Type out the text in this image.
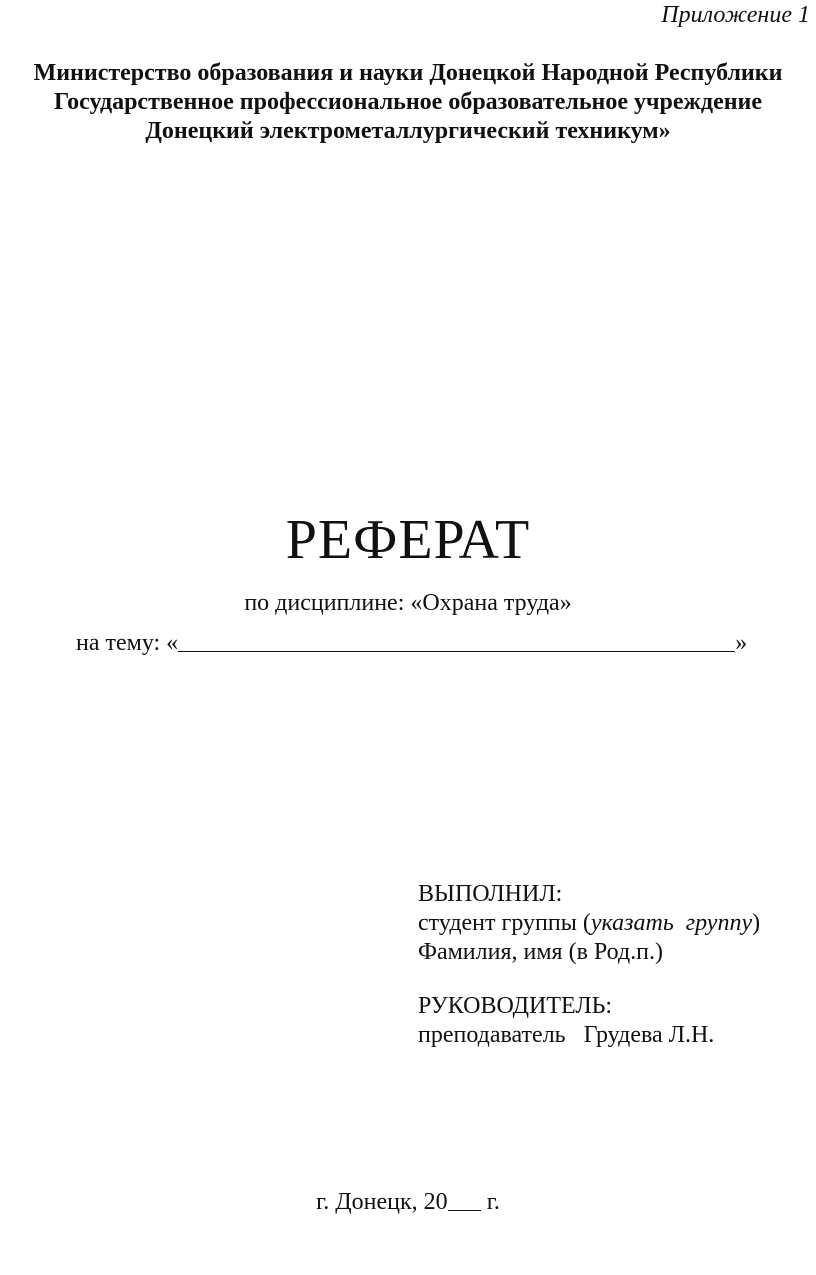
Приложение 1
Министерство образования и науки Донецкой Народной Республики
Государственное профессиональное образовательное учреждение
Донецкий электрометаллургический техникум»
РЕФЕРАТ
по дисциплине: «Охрана труда»
на тему: «	»
ВЫПОЛНИЛ:
студент группы (указать  группу)
Фамилия, имя (в Род.п.)
РУКОВОДИТЕЛЬ:
преподаватель   Грудева Л.Н.
г. Донецк, 20 г.
